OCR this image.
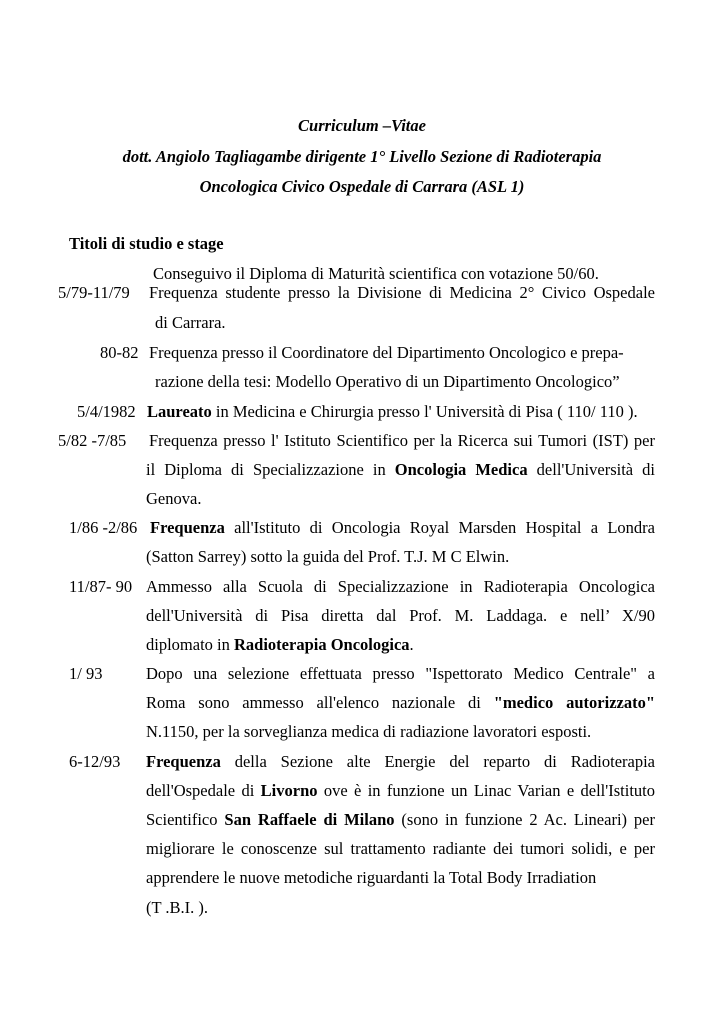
Curriculum –Vitae
dott. Angiolo Tagliagambe dirigente 1° Livello Sezione di Radioterapia
Oncologica Civico Ospedale di Carrara (ASL 1)
Titoli di studio e stage
Conseguivo il Diploma di Maturità scientifica con votazione 50/60.
5/79-11/79 Frequenza studente presso la Divisione di Medicina 2° Civico Ospedale
di Carrara.
80-82 Frequenza presso il Coordinatore del Dipartimento Oncologico e prepa-
razione della tesi: Modello Operativo di un Dipartimento Oncologico”
5/4/1982 Laureato in Medicina e Chirurgia presso l' Università di Pisa ( 110/ 110 ).
5/82 -7/85 Frequenza presso l' Istituto Scientifico per la Ricerca sui Tumori (IST) per
il Diploma di Specializzazione in Oncologia Medica dell'Università di
Genova.
1/86 -2/86 Frequenza all'Istituto di Oncologia Royal Marsden Hospital a Londra
(Satton Sarrey) sotto la guida del Prof. T.J. M C Elwin.
11/87- 90 Ammesso alla Scuola di Specializzazione in Radioterapia Oncologica
dell'Università di Pisa diretta dal Prof. M. Laddaga. e nell’ X/90
diplomato in Radioterapia Oncologica.
1/ 93	Dopo una selezione effettuata presso "Ispettorato Medico Centrale" a
Roma sono ammesso all'elenco nazionale di "medico autorizzato"
N.1150, per la sorveglianza medica di radiazione lavoratori esposti.
6-12/93 Frequenza della Sezione alte Energie del reparto di Radioterapia
dell'Ospedale di Livorno ove è in funzione un Linac Varian e dell'Istituto
Scientifico San Raffaele di Milano (sono in funzione 2 Ac. Lineari) per
migliorare le conoscenze sul trattamento radiante dei tumori solidi, e per
apprendere le nuove metodiche riguardanti la Total Body Irradiation
(T .B.I. ).
